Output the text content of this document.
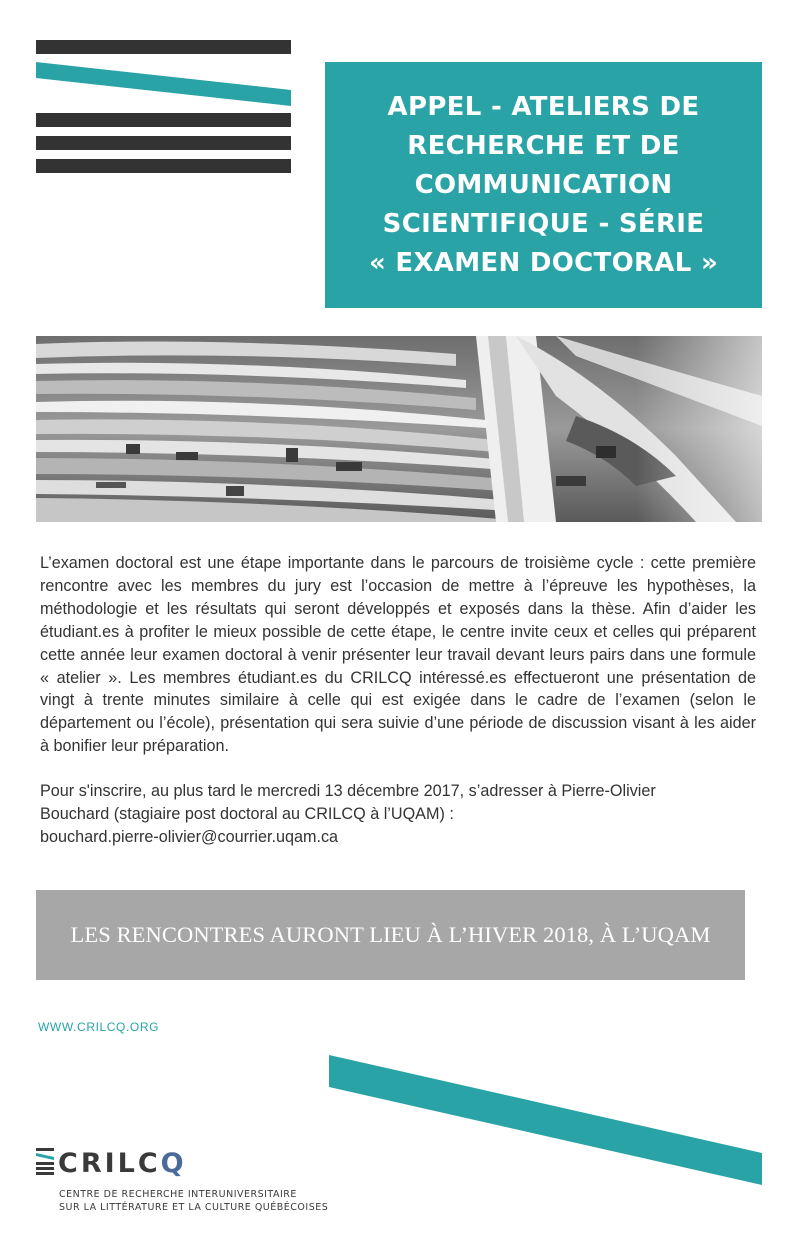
APPEL - ATELIERS DE
RECHERCHE ET DE
COMMUNICATION
SCIENTIFIQUE - SÉRIE
« EXAMEN DOCTORAL »

L’examen doctoral est une étape importante dans le parcours de troisième cycle : cette première rencontre avec les membres du jury est l’occasion de mettre à l’épreuve les hypothèses, la méthodologie et les résultats qui seront développés et exposés dans la thèse. Afin d’aider les étudiant.es à profiter le mieux possible de cette étape, le centre invite ceux et celles qui préparent cette année leur examen doctoral à venir présenter leur travail devant leurs pairs dans une formule « atelier ». Les membres étudiant.es du CRILCQ intéressé.es effectueront une présentation de vingt à trente minutes similaire à celle qui est exigée dans le cadre de l’examen (selon le département ou l’école), présentation qui sera suivie d’une période de discussion visant à les aider à bonifier leur préparation.

Pour s'inscrire, au plus tard le mercredi 13 décembre 2017, s’adresser à Pierre-Olivier
Bouchard (stagiaire post doctoral au CRILCQ à l’UQAM) :
bouchard.pierre-olivier@courrier.uqam.ca

LES RENCONTRES AURONT LIEU À L’HIVER 2018, À L’UQAM
WWW.CRILCQ.ORG
CRILCQ
CENTRE DE RECHERCHE INTERUNIVERSITAIRE
SUR LA LITTÉRATURE ET LA CULTURE QUÉBÉCOISES
